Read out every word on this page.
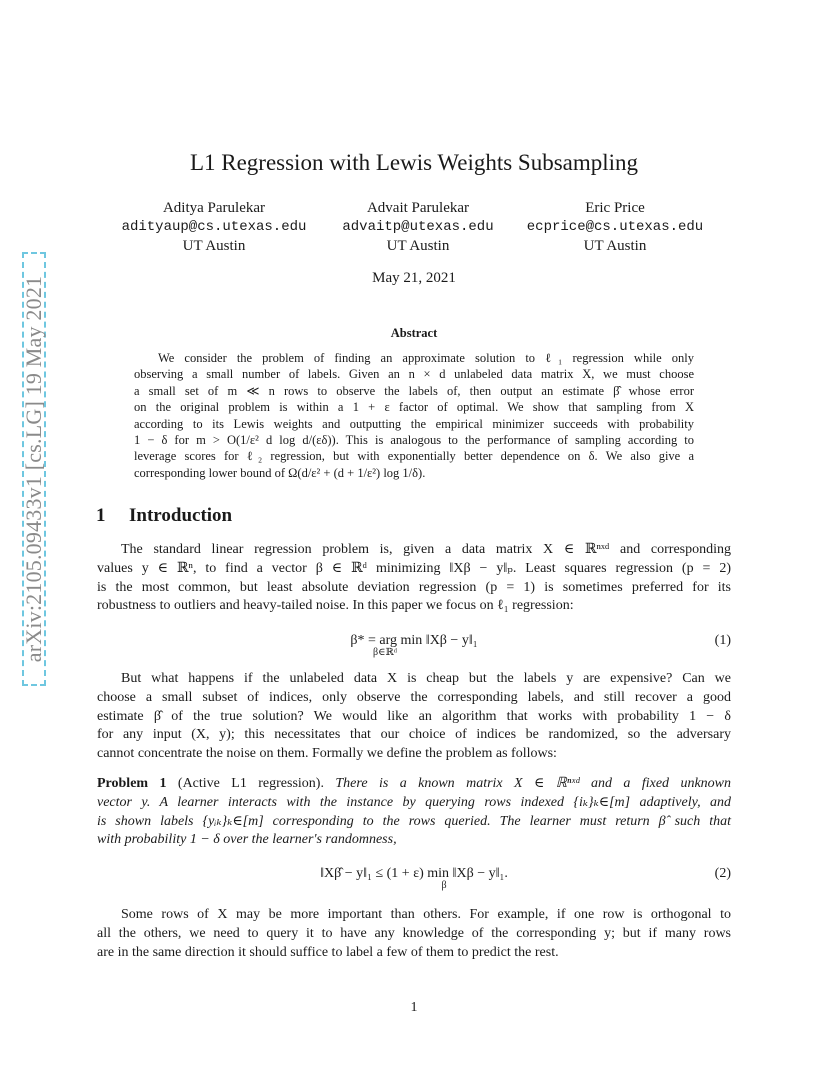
arXiv:2105.09433v1 [cs.LG] 19 May 2021
L1 Regression with Lewis Weights Subsampling
Aditya Parulekar
adityaup@cs.utexas.edu
UT Austin
Advait Parulekar
advaitp@utexas.edu
UT Austin
Eric Price
ecprice@cs.utexas.edu
UT Austin
May 21, 2021
Abstract
We consider the problem of finding an approximate solution to ℓ₁ regression while only
observing a small number of labels. Given an n × d unlabeled data matrix X, we must choose
a small set of m ≪ n rows to observe the labels of, then output an estimate β̂ whose error
on the original problem is within a 1 + ε factor of optimal. We show that sampling from X
according to its Lewis weights and outputting the empirical minimizer succeeds with probability
1 − δ for m > O(1/ε² d log d/(εδ)). This is analogous to the performance of sampling according to
leverage scores for ℓ₂ regression, but with exponentially better dependence on δ. We also give a
corresponding lower bound of Ω(d/ε² + (d + 1/ε²) log 1/δ).
1 Introduction
The standard linear regression problem is, given a data matrix X ∈ ℝⁿˣᵈ and corresponding
values y ∈ ℝⁿ, to find a vector β ∈ ℝᵈ minimizing ‖Xβ − y‖ₚ. Least squares regression (p = 2)
is the most common, but least absolute deviation regression (p = 1) is sometimes preferred for its
robustness to outliers and heavy-tailed noise. In this paper we focus on ℓ₁ regression:
β* = arg min ‖Xβ − y‖₁
β∈ℝᵈ
(1)
But what happens if the unlabeled data X is cheap but the labels y are expensive? Can we
choose a small subset of indices, only observe the corresponding labels, and still recover a good
estimate β̂ of the true solution? We would like an algorithm that works with probability 1 − δ
for any input (X, y); this necessitates that our choice of indices be randomized, so the adversary
cannot concentrate the noise on them. Formally we define the problem as follows:
Problem 1 (Active L1 regression). There is a known matrix X ∈ ℝⁿˣᵈ and a fixed unknown
vector y. A learner interacts with the instance by querying rows indexed {iₖ}ₖ∈[m] adaptively, and
is shown labels {yᵢₖ}ₖ∈[m] corresponding to the rows queried. The learner must return β̂ such that
with probability 1 − δ over the learner's randomness,
‖Xβ̂ − y‖₁ ≤ (1 + ε) min ‖Xβ − y‖₁.
β
(2)
Some rows of X may be more important than others. For example, if one row is orthogonal to
all the others, we need to query it to have any knowledge of the corresponding y; but if many rows
are in the same direction it should suffice to label a few of them to predict the rest.
1
